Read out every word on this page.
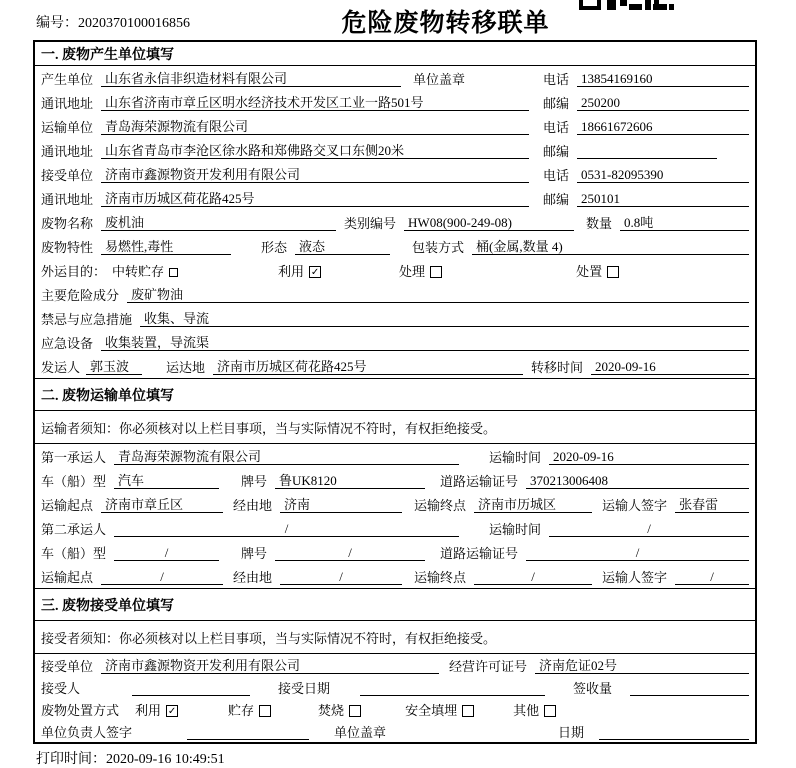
编号：2020370100016856	危险废物转移联单
一. 废物产生单位填写
产生单位 山东省永信非织造材料有限公司	单位盖章	电话 13854169160
通讯地址 山东省济南市章丘区明水经济技术开发区工业一路501号	邮编 250200
运输单位 青岛海荣源物流有限公司	电话 18661672606
通讯地址 山东省青岛市李沧区徐水路和郑佛路交叉口东侧20米	邮编
接受单位 济南市鑫源物资开发利用有限公司	电话 0531-82095390
通讯地址 济南市历城区荷花路425号	邮编 250101
废物名称 废机油	类别编号 HW08(900-249-08)	数量 0.8吨
废物特性 易燃性,毒性	形态 液态	包装方式 桶(金属,数量 4)
外运目的： 中转贮存	利用 ✓	处理	处置
主要危险成分 废矿物油
禁忌与应急措施 收集、导流
应急设备 收集装置，导流渠
发运人 郭玉波	运达地 济南市历城区荷花路425号	转移时间 2020-09-16
二. 废物运输单位填写
运输者须知：你必须核对以上栏目事项，当与实际情况不符时，有权拒绝接受。
第一承运人 青岛海荣源物流有限公司	运输时间 2020-09-16
车（船）型 汽车	牌号 鲁UK8120	道路运输证号 370213006408
运输起点 济南市章丘区	经由地 济南	运输终点 济南市历城区	运输人签字 张春雷
第二承运人	/	运输时间	/
车（船）型	/	牌号	/	道路运输证号	/
运输起点	/	经由地	/	运输终点	/	运输人签字	/
三. 废物接受单位填写
接受者须知：你必须核对以上栏目事项，当与实际情况不符时，有权拒绝接受。
接受单位 济南市鑫源物资开发利用有限公司	经营许可证号 济南危证02号
接受人	接受日期	签收量
废物处置方式 利用 ✓	贮存	焚烧	安全填埋	其他
单位负责人签字	单位盖章	日期
打印时间：2020-09-16 10:49:51
